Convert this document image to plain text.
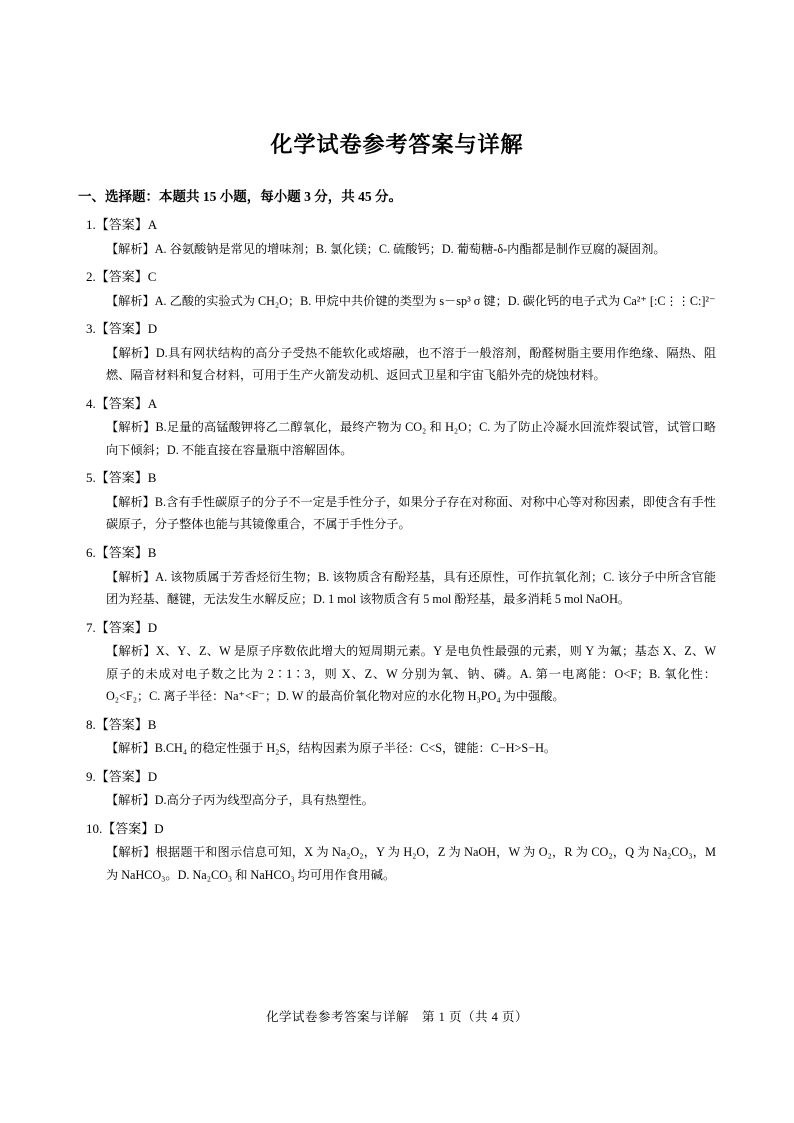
化学试卷参考答案与详解
一、选择题：本题共 15 小题，每小题 3 分，共 45 分。
1.【答案】A
【解析】A. 谷氨酸钠是常见的增味剂；B. 氯化镁；C. 硫酸钙；D. 葡萄糖-δ-内酯都是制作豆腐的凝固剂。
2.【答案】C
【解析】A. 乙酸的实验式为 CH₂O；B. 甲烷中共价键的类型为 s－sp³ σ 键；D. 碳化钙的电子式为 Ca²⁺ [:C⋮⋮C:]²⁻
3.【答案】D
【解析】D.具有网状结构的高分子受热不能软化或熔融，也不溶于一般溶剂，酚醛树脂主要用作绝缘、隔热、阻燃、隔音材料和复合材料，可用于生产火箭发动机、返回式卫星和宇宙飞船外壳的烧蚀材料。
4.【答案】A
【解析】B.足量的高锰酸钾将乙二醇氧化，最终产物为 CO₂ 和 H₂O；C. 为了防止冷凝水回流炸裂试管，试管口略向下倾斜；D. 不能直接在容量瓶中溶解固体。
5.【答案】B
【解析】B.含有手性碳原子的分子不一定是手性分子，如果分子存在对称面、对称中心等对称因素，即使含有手性碳原子，分子整体也能与其镜像重合，不属于手性分子。
6.【答案】B
【解析】A. 该物质属于芳香烃衍生物；B. 该物质含有酚羟基，具有还原性，可作抗氧化剂；C. 该分子中所含官能团为羟基、醚键，无法发生水解反应；D. 1 mol 该物质含有 5 mol 酚羟基，最多消耗 5 mol NaOH。
7.【答案】D
【解析】X、Y、Z、W 是原子序数依此增大的短周期元素。Y 是电负性最强的元素，则 Y 为氟；基态 X、Z、W 原子的未成对电子数之比为 2∶1∶3，则 X、Z、W 分别为氧、钠、磷。A. 第一电离能：O<F；B. 氧化性：O₂<F₂；C. 离子半径：Na⁺<F⁻；D. W 的最高价氧化物对应的水化物 H₃PO₄ 为中强酸。
8.【答案】B
【解析】B.CH₄ 的稳定性强于 H₂S，结构因素为原子半径：C<S，键能：C−H>S−H。
9.【答案】D
【解析】D.高分子丙为线型高分子，具有热塑性。
10.【答案】D
【解析】根据题干和图示信息可知，X 为 Na₂O₂，Y 为 H₂O，Z 为 NaOH，W 为 O₂，R 为 CO₂，Q 为 Na₂CO₃，M 为 NaHCO₃。D. Na₂CO₃ 和 NaHCO₃ 均可用作食用碱。
化学试卷参考答案与详解　第 1 页（共 4 页）
